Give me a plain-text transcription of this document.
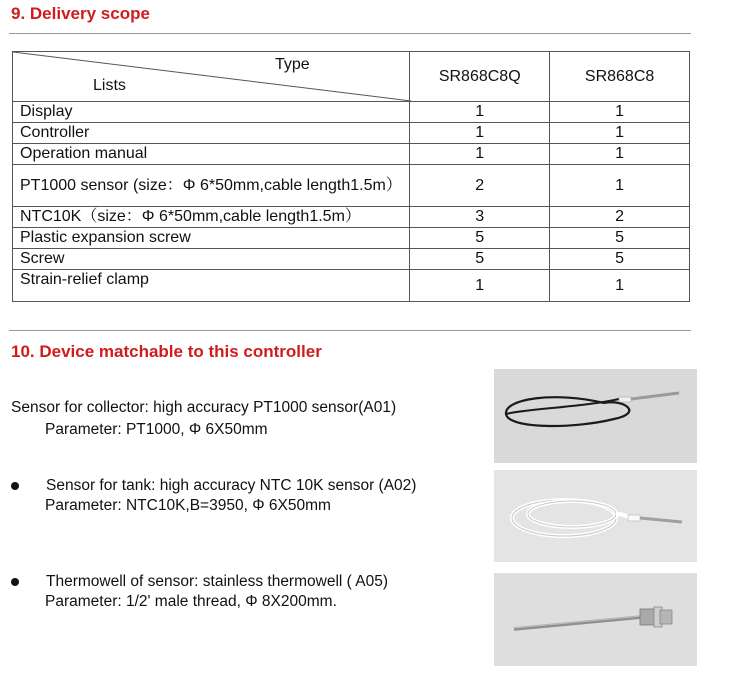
9. Delivery scope
Type
Lists	SR868C8Q	SR868C8
Display	1	1
Controller	1	1
Operation manual	1	1
PT1000 sensor (size：Φ 6*50mm,cable length1.5m）	2	1
NTC10K（size：Φ 6*50mm,cable length1.5m）	3	2
Plastic expansion screw	5	5
Screw	5	5
Strain-relief clamp	1	1
10. Device matchable to this controller
Sensor for collector: high accuracy PT1000 sensor(A01)
Parameter: PT1000, Φ 6X50mm
Sensor for tank: high accuracy NTC 10K sensor (A02)
Parameter: NTC10K,B=3950, Φ 6X50mm
Thermowell of sensor: stainless thermowell ( A05)
Parameter: 1/2' male thread, Φ 8X200mm.
